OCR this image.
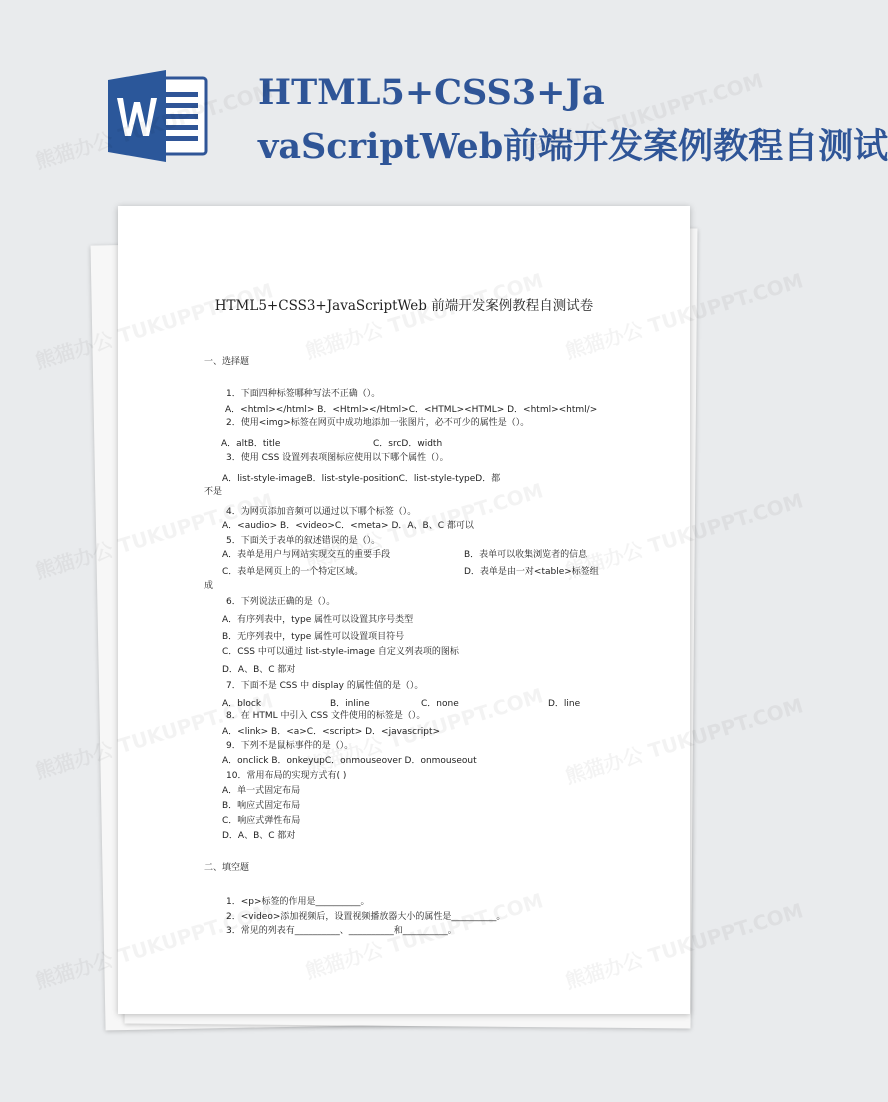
HTML5+CSS3+Ja
vaScriptWeb前端开发案例教程自测试
HTML5+CSS3+JavaScriptWeb 前端开发案例教程自测试卷
一、选择题
1．下面四种标签哪种写法不正确（）。
A．<html></html> B．<Html></Html>C．<HTML><HTML> D．<html><html/>
2．使用<img>标签在网页中成功地添加一张图片，必不可少的属性是（）。
A．altB．title	C．srcD．width
3．使用 CSS 设置列表项图标应使用以下哪个属性（）。
A．list-style-imageB．list-style-positionC．list-style-typeD．都
不是
4．为网页添加音频可以通过以下哪个标签（）。
A．<audio> B．<video>C．<meta> D．A、B、C 都可以
5．下面关于表单的叙述错误的是（）。
A．表单是用户与网站实现交互的重要手段	B．表单可以收集浏览者的信息
C．表单是网页上的一个特定区域。	D．表单是由一对<table>标签组
成
6．下列说法正确的是（）。
A．有序列表中，type 属性可以设置其序号类型
B．无序列表中，type 属性可以设置项目符号
C．CSS 中可以通过 list-style-image 自定义列表项的图标
D．A、B、C 都对
7．下面不是 CSS 中 display 的属性值的是（）。
A．block	B．inline	C．none	D．line
8．在 HTML 中引入 CSS 文件使用的标签是（）。
A．<link> B．<a>C．<script> D．<javascript>
9．下列不是鼠标事件的是（）。
A．onclick B．onkeyupC．onmouseover D．onmouseout
10．常用布局的实现方式有( )
A．单一式固定布局
B．响应式固定布局
C．响应式弹性布局
D．A、B、C 都对
二、填空题
1．<p>标签的作用是__________。
2．<video>添加视频后，设置视频播放器大小的属性是__________。
3．常见的列表有__________、__________和__________。
